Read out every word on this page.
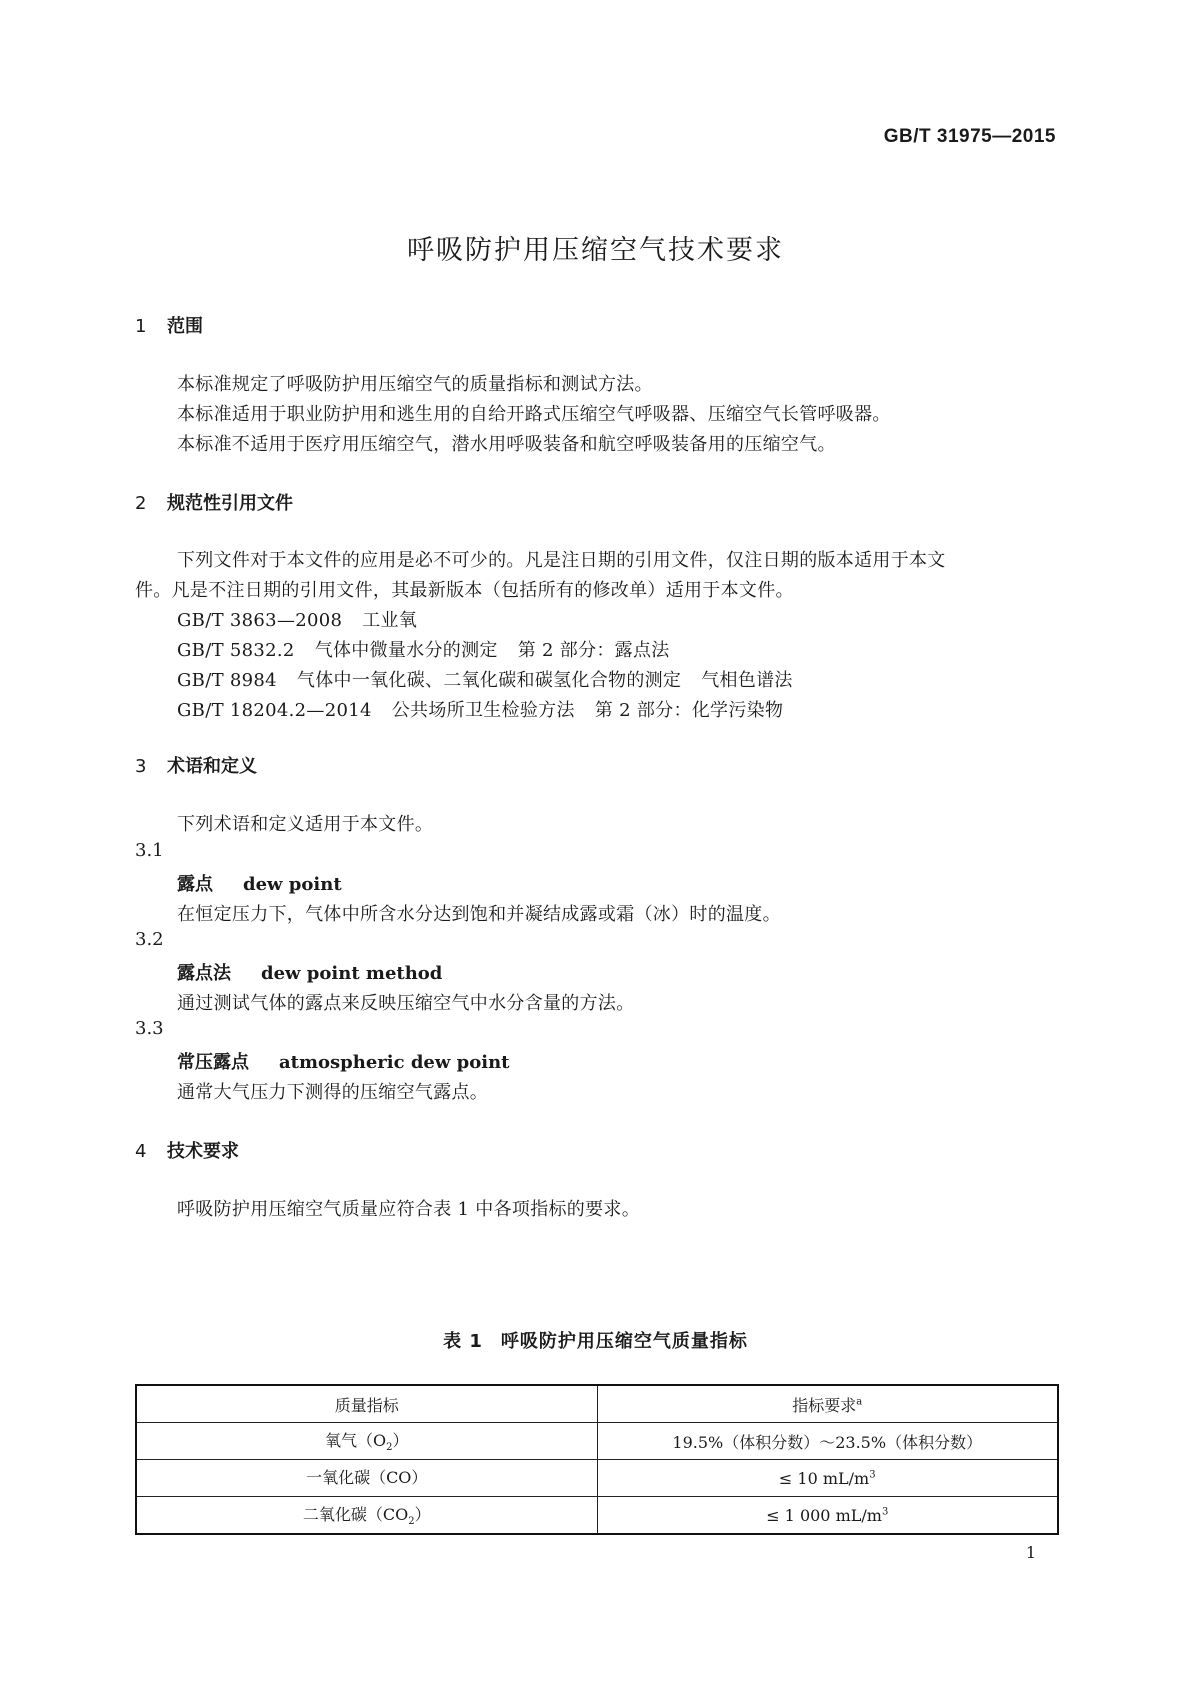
GB/T 31975—2015
呼吸防护用压缩空气技术要求
1 范围
本标准规定了呼吸防护用压缩空气的质量指标和测试方法。
本标准适用于职业防护用和逃生用的自给开路式压缩空气呼吸器、压缩空气长管呼吸器。
本标准不适用于医疗用压缩空气，潜水用呼吸装备和航空呼吸装备用的压缩空气。
2 规范性引用文件
下列文件对于本文件的应用是必不可少的。凡是注日期的引用文件，仅注日期的版本适用于本文
件。凡是不注日期的引用文件，其最新版本（包括所有的修改单）适用于本文件。
GB/T 3863—2008 工业氧
GB/T 5832.2 气体中微量水分的测定 第 2 部分：露点法
GB/T 8984 气体中一氧化碳、二氧化碳和碳氢化合物的测定 气相色谱法
GB/T 18204.2—2014 公共场所卫生检验方法 第 2 部分：化学污染物
3 术语和定义
下列术语和定义适用于本文件。
3.1
露点 dew point
在恒定压力下，气体中所含水分达到饱和并凝结成露或霜（冰）时的温度。
3.2
露点法 dew point method
通过测试气体的露点来反映压缩空气中水分含量的方法。
3.3
常压露点 atmospheric dew point
通常大气压力下测得的压缩空气露点。
4 技术要求
呼吸防护用压缩空气质量应符合表 1 中各项指标的要求。
表 1 呼吸防护用压缩空气质量指标
质量指标	指标要求$^a$
氧气$(O_2)$	19.5%（体积分数）～23.5%（体积分数）
一氧化碳（CO）	≤ 10 $mL/m^3$
二氧化碳$(CO_2)$	≤ 1 000 $mL/m^3$
1
